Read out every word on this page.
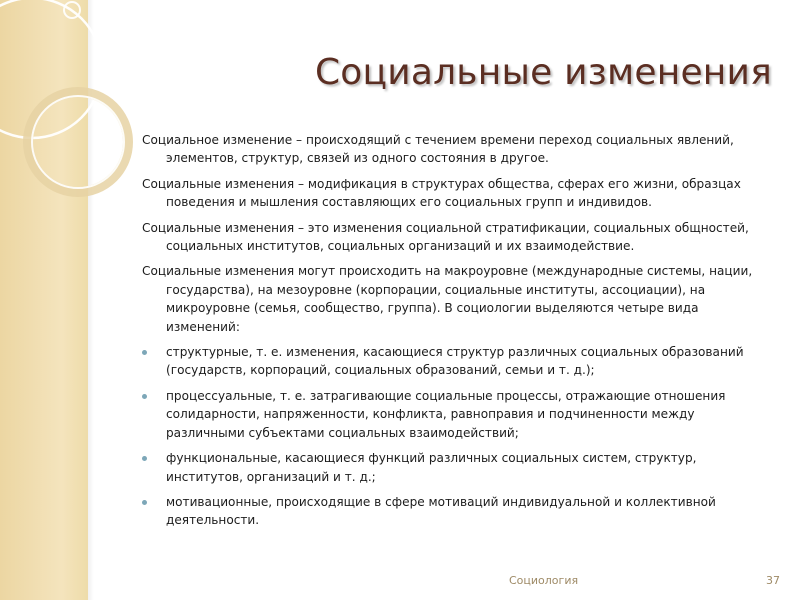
Социальные изменения

Социальное изменение – происходящий с течением времени переход социальных явлений, элементов, структур, связей из одного состояния в другое.

Социальные изменения – модификация в структурах общества, сферах его жизни, образцах поведения и мышления составляющих его социальных групп и индивидов.

Социальные изменения – это изменения социальной стратификации, социальных общностей, социальных институтов, социальных организаций и их взаимодействие.

Социальные изменения могут происходить на макроуровне (международные системы, нации, государства), на мезоуровне (корпорации, социальные институты, ассоциации), на микроуровне (семья, сообщество, группа). В социологии выделяются четыре вида изменений:

структурные, т. е. изменения, касающиеся структур различных социальных образований (государств, корпораций, социальных образований, семьи и т. д.);
процессуальные, т. е. затрагивающие социальные процессы, отражающие отношения солидарности, напряженности, конфликта, равноправия и подчиненности между различными субъектами социальных взаимодействий;
функциональные, касающиеся функций различных социальных систем, структур, институтов, организаций и т. д.;
мотивационные, происходящие в сфере мотиваций индивидуальной и коллективной деятельности.
Социология	37
